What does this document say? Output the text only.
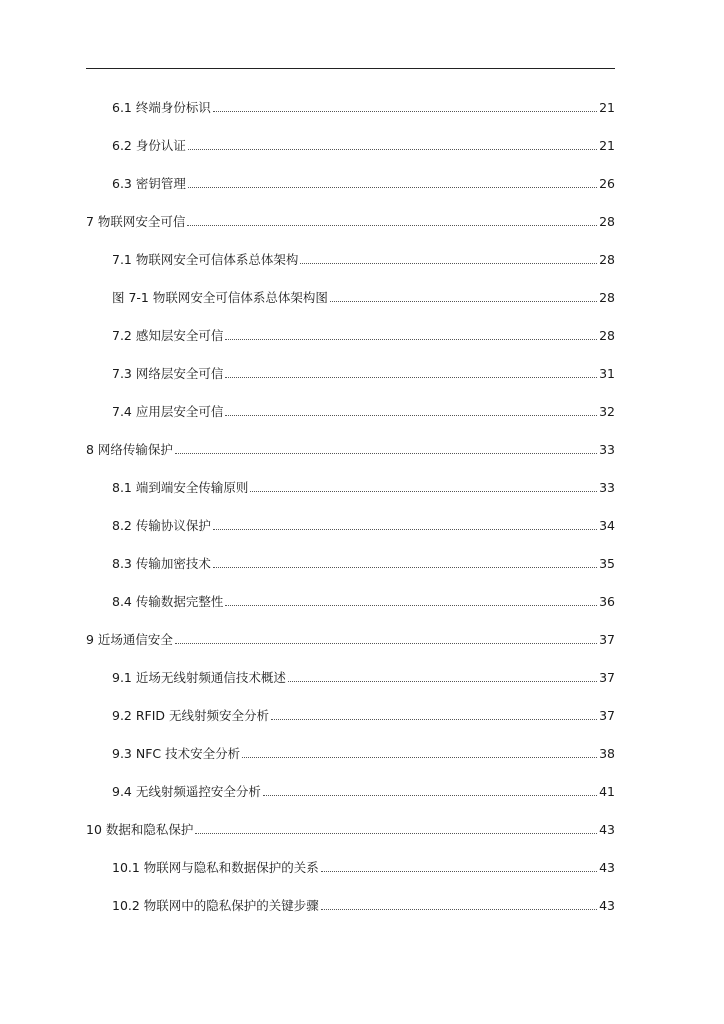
6.1 终端身份标识	21
6.2 身份认证	21
6.3 密钥管理	26
7 物联网安全可信	28
7.1 物联网安全可信体系总体架构	28
图 7-1 物联网安全可信体系总体架构图	28
7.2 感知层安全可信	28
7.3 网络层安全可信	31
7.4 应用层安全可信	32
8 网络传输保护	33
8.1 端到端安全传输原则	33
8.2 传输协议保护	34
8.3 传输加密技术	35
8.4 传输数据完整性	36
9 近场通信安全	37
9.1 近场无线射频通信技术概述	37
9.2 RFID 无线射频安全分析	37
9.3 NFC 技术安全分析	38
9.4 无线射频遥控安全分析	41
10 数据和隐私保护	43
10.1 物联网与隐私和数据保护的关系	43
10.2 物联网中的隐私保护的关键步骤	43
